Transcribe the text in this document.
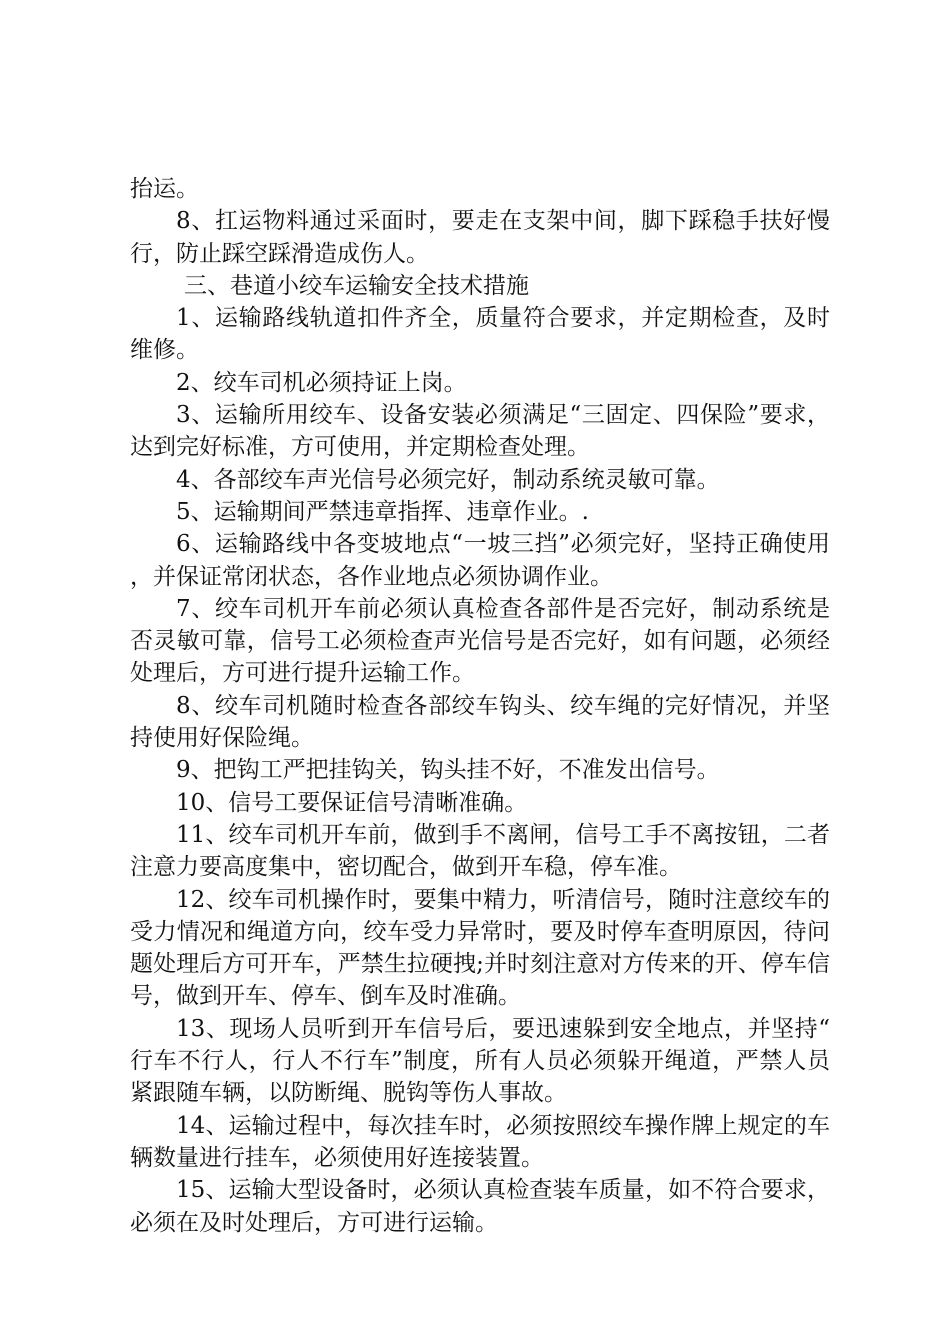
抬运。

8、扛运物料通过采面时，要走在支架中间，脚下踩稳手扶好慢行，防止踩空踩滑造成伤人。

三、巷道小绞车运输安全技术措施

1、运输路线轨道扣件齐全，质量符合要求，并定期检查，及时维修。

2、绞车司机必须持证上岗。

3、运输所用绞车、设备安装必须满足“三固定、四保险”要求，达到完好标准，方可使用，并定期检查处理。

4、各部绞车声光信号必须完好，制动系统灵敏可靠。

5、运输期间严禁违章指挥、违章作业。.

6、运输路线中各变坡地点“一坡三挡”必须完好，坚持正确使用，并保证常闭状态，各作业地点必须协调作业。

7、绞车司机开车前必须认真检查各部件是否完好，制动系统是否灵敏可靠，信号工必须检查声光信号是否完好，如有问题，必须经处理后，方可进行提升运输工作。

8、绞车司机随时检查各部绞车钩头、绞车绳的完好情况，并坚持使用好保险绳。

9、把钩工严把挂钩关，钩头挂不好，不准发出信号。

10、信号工要保证信号清晰准确。

11、绞车司机开车前，做到手不离闸，信号工手不离按钮，二者注意力要高度集中，密切配合，做到开车稳，停车准。

12、绞车司机操作时，要集中精力，听清信号，随时注意绞车的受力情况和绳道方向，绞车受力异常时，要及时停车查明原因，待问题处理后方可开车，严禁生拉硬拽;并时刻注意对方传来的开、停车信号，做到开车、停车、倒车及时准确。

13、现场人员听到开车信号后，要迅速躲到安全地点，并坚持“行车不行人，行人不行车”制度，所有人员必须躲开绳道，严禁人员紧跟随车辆，以防断绳、脱钩等伤人事故。

14、运输过程中，每次挂车时，必须按照绞车操作牌上规定的车辆数量进行挂车，必须使用好连接装置。

15、运输大型设备时，必须认真检查装车质量，如不符合要求，必须在及时处理后，方可进行运输。
